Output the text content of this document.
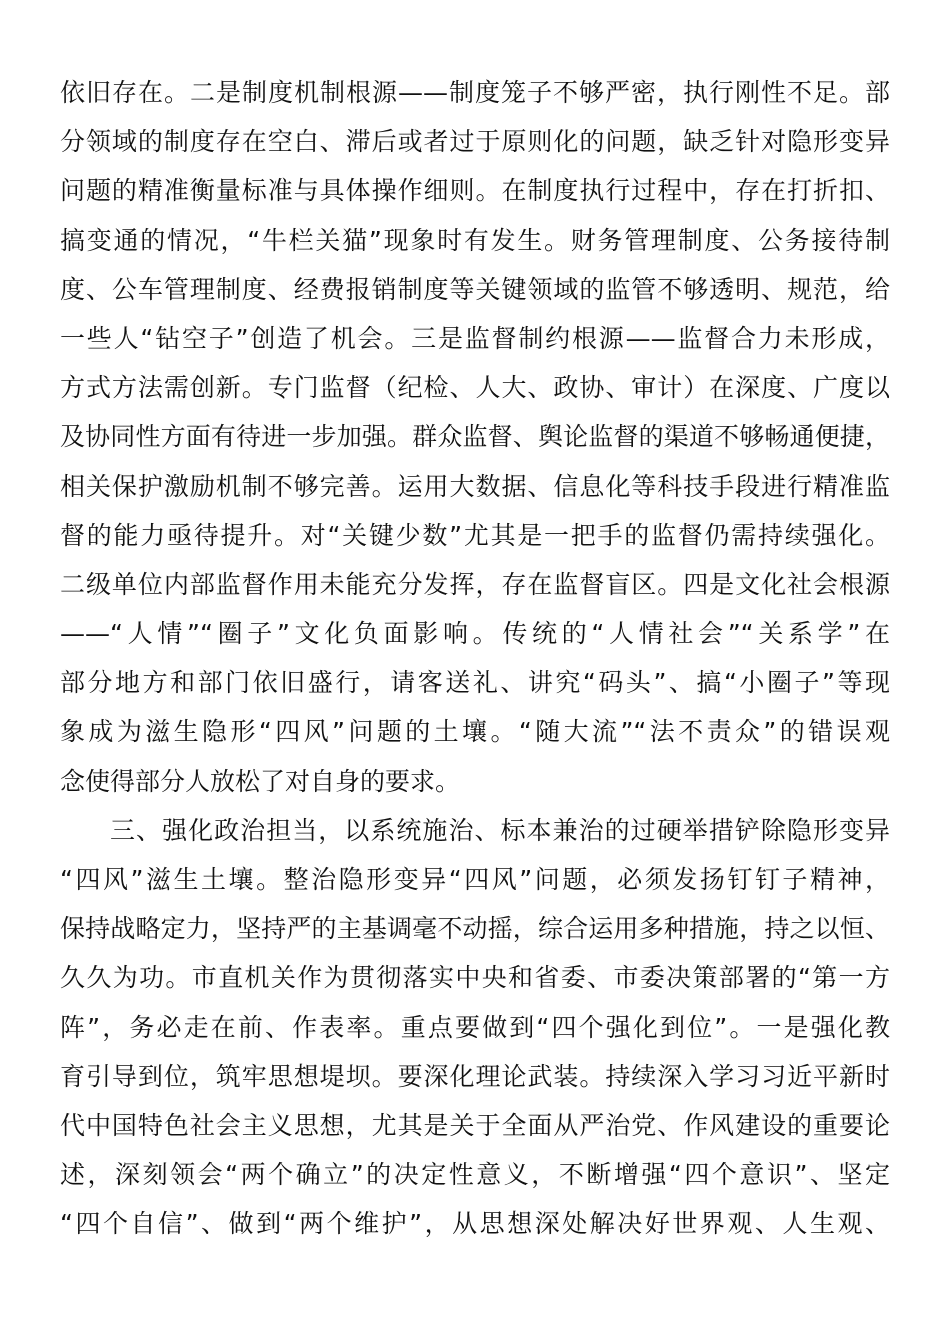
依旧存在。二是制度机制根源——制度笼子不够严密，执行刚性不足。部
分领域的制度存在空白、滞后或者过于原则化的问题，缺乏针对隐形变异
问题的精准衡量标准与具体操作细则。在制度执行过程中，存在打折扣、
搞变通的情况，“牛栏关猫”现象时有发生。财务管理制度、公务接待制
度、公车管理制度、经费报销制度等关键领域的监管不够透明、规范，给
一些人“钻空子”创造了机会。三是监督制约根源——监督合力未形成，
方式方法需创新。专门监督（纪检、人大、政协、审计）在深度、广度以
及协同性方面有待进一步加强。群众监督、舆论监督的渠道不够畅通便捷，
相关保护激励机制不够完善。运用大数据、信息化等科技手段进行精准监
督的能力亟待提升。对“关键少数”尤其是一把手的监督仍需持续强化。
二级单位内部监督作用未能充分发挥，存在监督盲区。四是文化社会根源
——“人情”“圈子”文化负面影响。传统的“人情社会”“关系学”在
部分地方和部门依旧盛行，请客送礼、讲究“码头”、搞“小圈子”等现
象成为滋生隐形“四风”问题的土壤。“随大流”“法不责众”的错误观
念使得部分人放松了对自身的要求。
三、强化政治担当，以系统施治、标本兼治的过硬举措铲除隐形变异
“四风”滋生土壤。整治隐形变异“四风”问题，必须发扬钉钉子精神，
保持战略定力，坚持严的主基调毫不动摇，综合运用多种措施，持之以恒、
久久为功。市直机关作为贯彻落实中央和省委、市委决策部署的“第一方
阵”，务必走在前、作表率。重点要做到“四个强化到位”。一是强化教
育引导到位，筑牢思想堤坝。要深化理论武装。持续深入学习习近平新时
代中国特色社会主义思想，尤其是关于全面从严治党、作风建设的重要论
述，深刻领会“两个确立”的决定性意义，不断增强“四个意识”、坚定
“四个自信”、做到“两个维护”，从思想深处解决好世界观、人生观、
